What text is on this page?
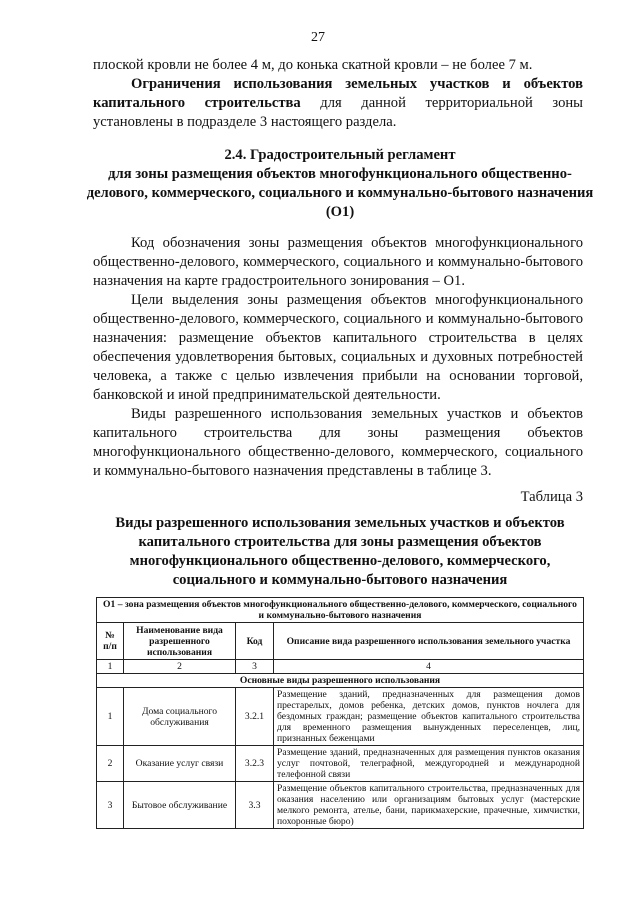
27

плоской кровли не более 4 м, до конька скатной кровли – не более 7 м.

Ограничения использования земельных участков и объектов капитального строительства для данной территориальной зоны установлены в подразделе 3 настоящего раздела.

2.4. Градостроительный регламент

для зоны размещения объектов многофункционального общественно-делового, коммерческого, социального и коммунально-бытового назначения (О1)

Код обозначения зоны размещения объектов многофункционального общественно-делового, коммерческого, социального и коммунально-бытового назначения на карте градостроительного зонирования – О1.

Цели выделения зоны размещения объектов многофункционального общественно-делового, коммерческого, социального и коммунально-бытового назначения: размещение объектов капитального строительства в целях обеспечения удовлетворения бытовых, социальных и духовных потребностей человека, а также с целью извлечения прибыли на основании торговой, банковской и иной предпринимательской деятельности.

Виды разрешенного использования земельных участков и объектов капитального строительства для зоны размещения объектов многофункционального общественно-делового, коммерческого, социального и коммунально-бытового назначения представлены в таблице 3.

Таблица 3

Виды разрешенного использования земельных участков и объектов капитального строительства для зоны размещения объектов многофункционального общественно-делового, коммерческого, социального и коммунально-бытового назначения
О1 – зона размещения объектов многофункционального общественно-делового, коммерческого, социального и коммунально-бытового назначения			
№ п/п	Наименование вида разрешенного использования	Код	Описание вида разрешенного использования земельного участка
1	2	3	4
Основные виды разрешенного использования			
1	Дома социального обслуживания	3.2.1	Размещение зданий, предназначенных для размещения домов престарелых, домов ребенка, детских домов, пунктов ночлега для бездомных граждан; размещение объектов капитального строительства для временного размещения вынужденных переселенцев, лиц, признанных беженцами
2	Оказание услуг связи	3.2.3	Размещение зданий, предназначенных для размещения пунктов оказания услуг почтовой, телеграфной, междугородней и международной телефонной связи
3	Бытовое обслуживание	3.3	Размещение объектов капитального строительства, предназначенных для оказания населению или организациям бытовых услуг (мастерские мелкого ремонта, ателье, бани, парикмахерские, прачечные, химчистки, похоронные бюро)
